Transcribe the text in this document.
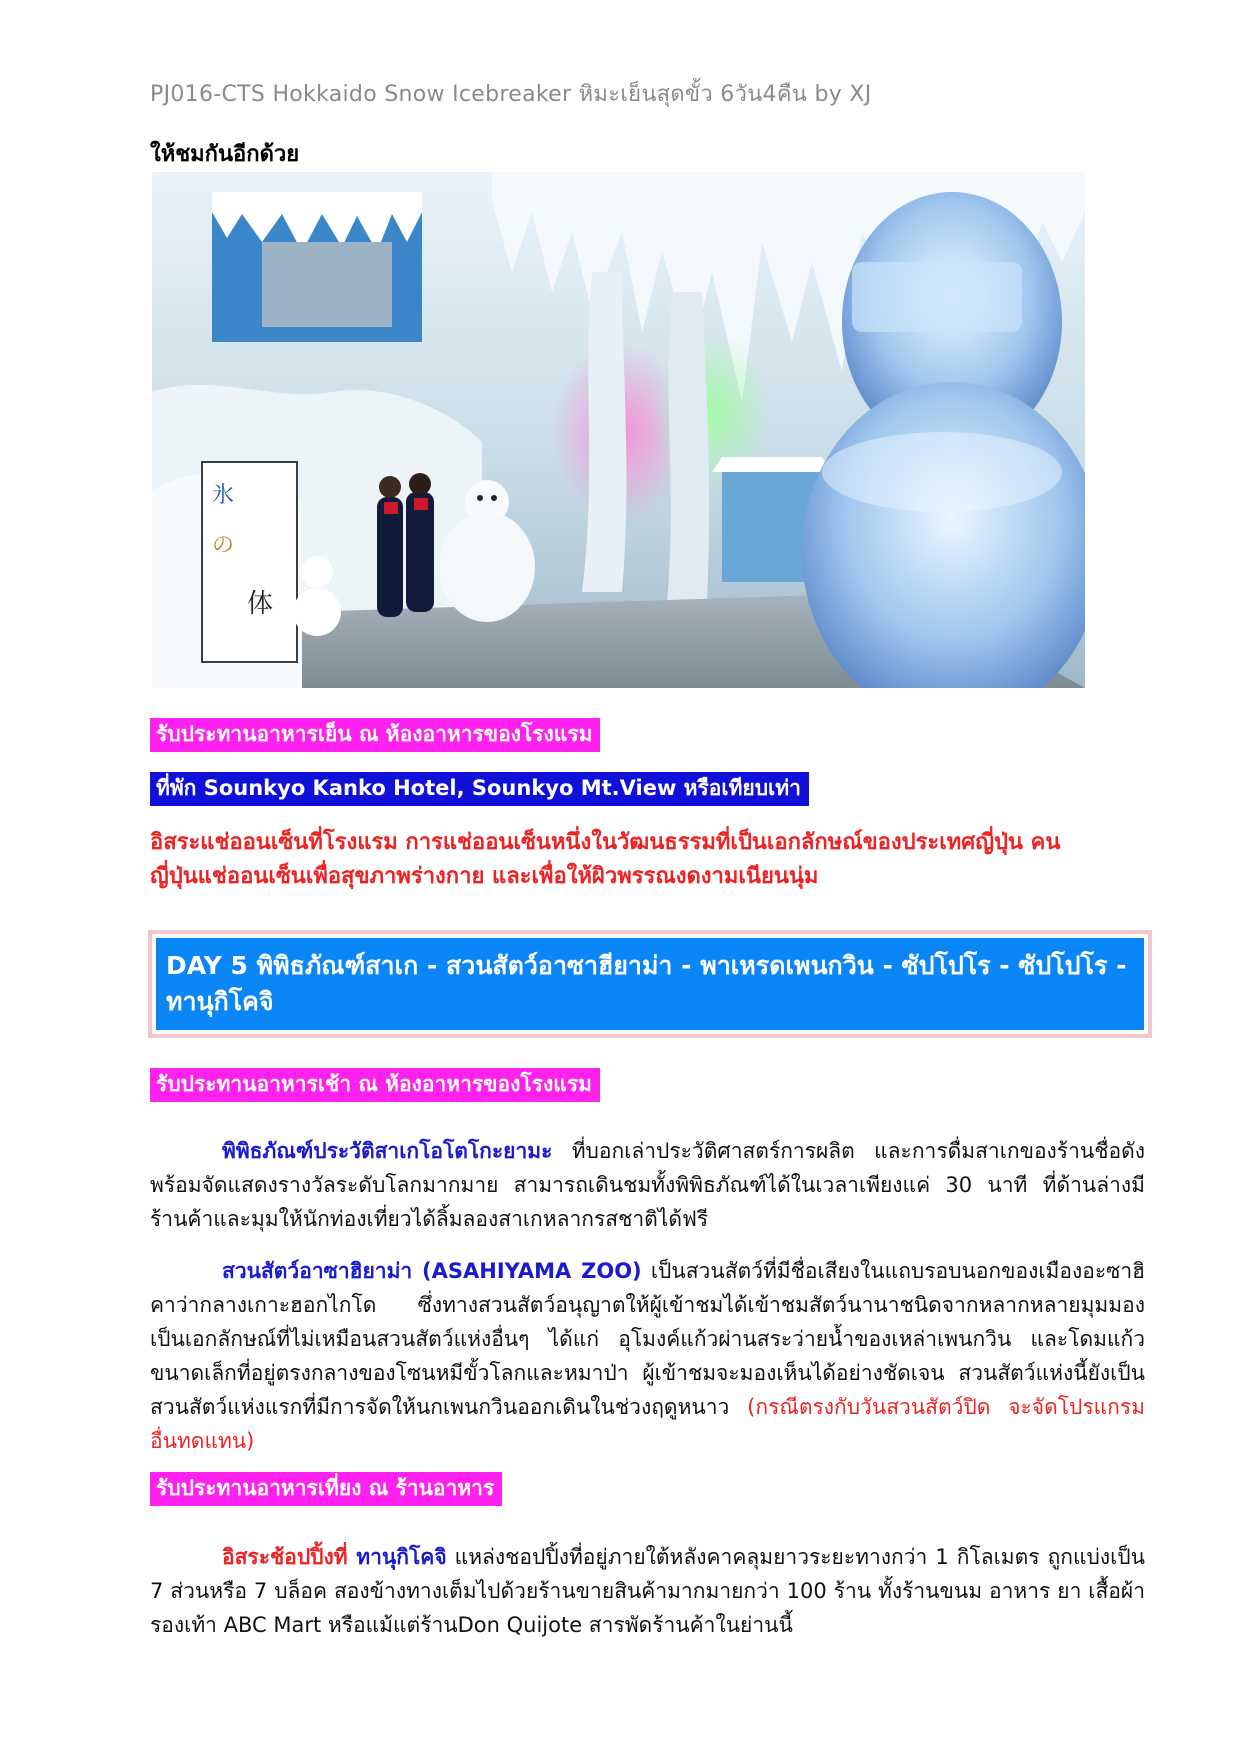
PJ016-CTS Hokkaido Snow Icebreaker หิมะเย็นสุดขั้ว 6วัน4คืน by XJ
ให้ชมกันอีกด้วย
氷
の
体
รับประทานอาหารเย็น ณ ห้องอาหารของโรงแรม
ที่พัก Sounkyo Kanko Hotel, Sounkyo Mt.View หรือเทียบเท่า
อิสระแช่ออนเซ็นที่โรงแรม การแช่ออนเซ็นหนึ่งในวัฒนธรรมที่เป็นเอกลักษณ์ของประเทศญี่ปุ่น คน
ญี่ปุ่นแช่ออนเซ็นเพื่อสุขภาพร่างกาย และเพื่อให้ผิวพรรณงดงามเนียนนุ่ม
DAY 5 พิพิธภัณฑ์สาเก - สวนสัตว์อาซาฮียาม่า - พาเหรดเพนกวิน - ซัปโปโร - ซัปโปโร -
ทานุกิโคจิ
รับประทานอาหารเช้า ณ ห้องอาหารของโรงแรม
พิพิธภัณฑ์ประวัติสาเกโอโตโกะยามะ ที่บอกเล่าประวัติศาสตร์การผลิต และการดื่มสาเกของร้านชื่อดัง พร้อมจัดแสดงรางวัลระดับโลกมากมาย สามารถเดินชมทั้งพิพิธภัณฑ์ได้ในเวลาเพียงแค่ 30 นาที ที่ด้านล่างมีร้านค้าและมุมให้นักท่องเที่ยวได้ลิ้มลองสาเกหลากรสชาติได้ฟรี
สวนสัตว์อาซาฮิยาม่า (ASAHIYAMA ZOO) เป็นสวนสัตว์ที่มีชื่อเสียงในแถบรอบนอกของเมืองอะซาฮิคาว่ากลางเกาะฮอกไกโด ซึ่งทางสวนสัตว์อนุญาตให้ผู้เข้าชมได้เข้าชมสัตว์นานาชนิดจากหลากหลายมุมมอง เป็นเอกลักษณ์ที่ไม่เหมือนสวนสัตว์แห่งอื่นๆ ได้แก่ อุโมงค์แก้วผ่านสระว่ายน้ำของเหล่าเพนกวิน และโดมแก้วขนาดเล็กที่อยู่ตรงกลางของโซนหมีขั้วโลกและหมาป่า ผู้เข้าชมจะมองเห็นได้อย่างชัดเจน สวนสัตว์แห่งนี้ยังเป็นสวนสัตว์แห่งแรกที่มีการจัดให้นกเพนกวินออกเดินในช่วงฤดูหนาว (กรณีตรงกับวันสวนสัตว์ปิด จะจัดโปรแกรมอื่นทดแทน)
รับประทานอาหารเที่ยง ณ ร้านอาหาร
อิสระช้อปปิ้งที่ ทานุกิโคจิ แหล่งชอปปิ้งที่อยู่ภายใต้หลังคาคลุมยาวระยะทางกว่า 1 กิโลเมตร ถูกแบ่งเป็น 7 ส่วนหรือ 7 บล็อค สองข้างทางเต็มไปด้วยร้านขายสินค้ามากมายกว่า 100 ร้าน ทั้งร้านขนม อาหาร ยา เสื้อผ้า รองเท้า ABC Mart หรือแม้แต่ร้านDon Quijote สารพัดร้านค้าในย่านนี้
